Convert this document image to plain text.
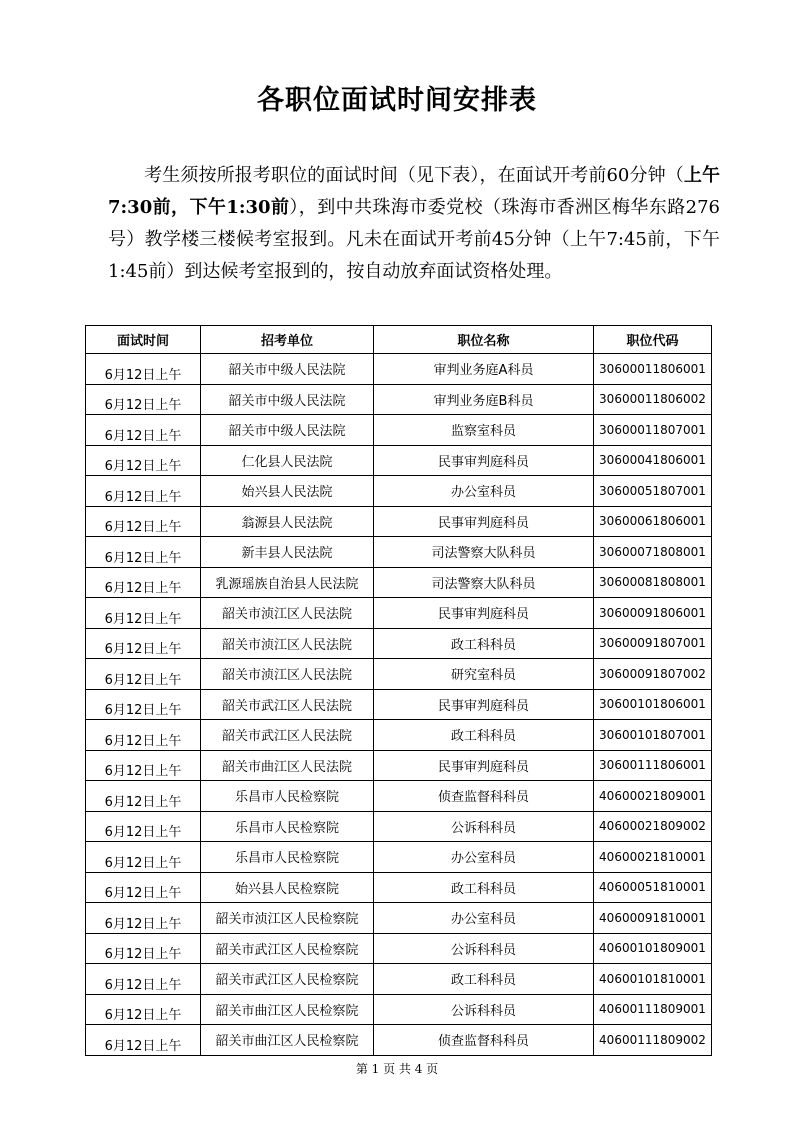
各职位面试时间安排表
考生须按所报考职位的面试时间（见下表），在面试开考前60分钟（上午7:30前，下午1:30前），到中共珠海市委党校（珠海市香洲区梅华东路276号）教学楼三楼候考室报到。凡未在面试开考前45分钟（上午7:45前，下午1:45前）到达候考室报到的，按自动放弃面试资格处理。
面试时间	招考单位	职位名称	职位代码
6月12日上午	韶关市中级人民法院	审判业务庭A科员	30600011806001
6月12日上午	韶关市中级人民法院	审判业务庭B科员	30600011806002
6月12日上午	韶关市中级人民法院	监察室科员	30600011807001
6月12日上午	仁化县人民法院	民事审判庭科员	30600041806001
6月12日上午	始兴县人民法院	办公室科员	30600051807001
6月12日上午	翁源县人民法院	民事审判庭科员	30600061806001
6月12日上午	新丰县人民法院	司法警察大队科员	30600071808001
6月12日上午	乳源瑶族自治县人民法院	司法警察大队科员	30600081808001
6月12日上午	韶关市浈江区人民法院	民事审判庭科员	30600091806001
6月12日上午	韶关市浈江区人民法院	政工科科员	30600091807001
6月12日上午	韶关市浈江区人民法院	研究室科员	30600091807002
6月12日上午	韶关市武江区人民法院	民事审判庭科员	30600101806001
6月12日上午	韶关市武江区人民法院	政工科科员	30600101807001
6月12日上午	韶关市曲江区人民法院	民事审判庭科员	30600111806001
6月12日上午	乐昌市人民检察院	侦查监督科科员	40600021809001
6月12日上午	乐昌市人民检察院	公诉科科员	40600021809002
6月12日上午	乐昌市人民检察院	办公室科员	40600021810001
6月12日上午	始兴县人民检察院	政工科科员	40600051810001
6月12日上午	韶关市浈江区人民检察院	办公室科员	40600091810001
6月12日上午	韶关市武江区人民检察院	公诉科科员	40600101809001
6月12日上午	韶关市武江区人民检察院	政工科科员	40600101810001
6月12日上午	韶关市曲江区人民检察院	公诉科科员	40600111809001
6月12日上午	韶关市曲江区人民检察院	侦查监督科科员	40600111809002
第 1 页 共 4 页
